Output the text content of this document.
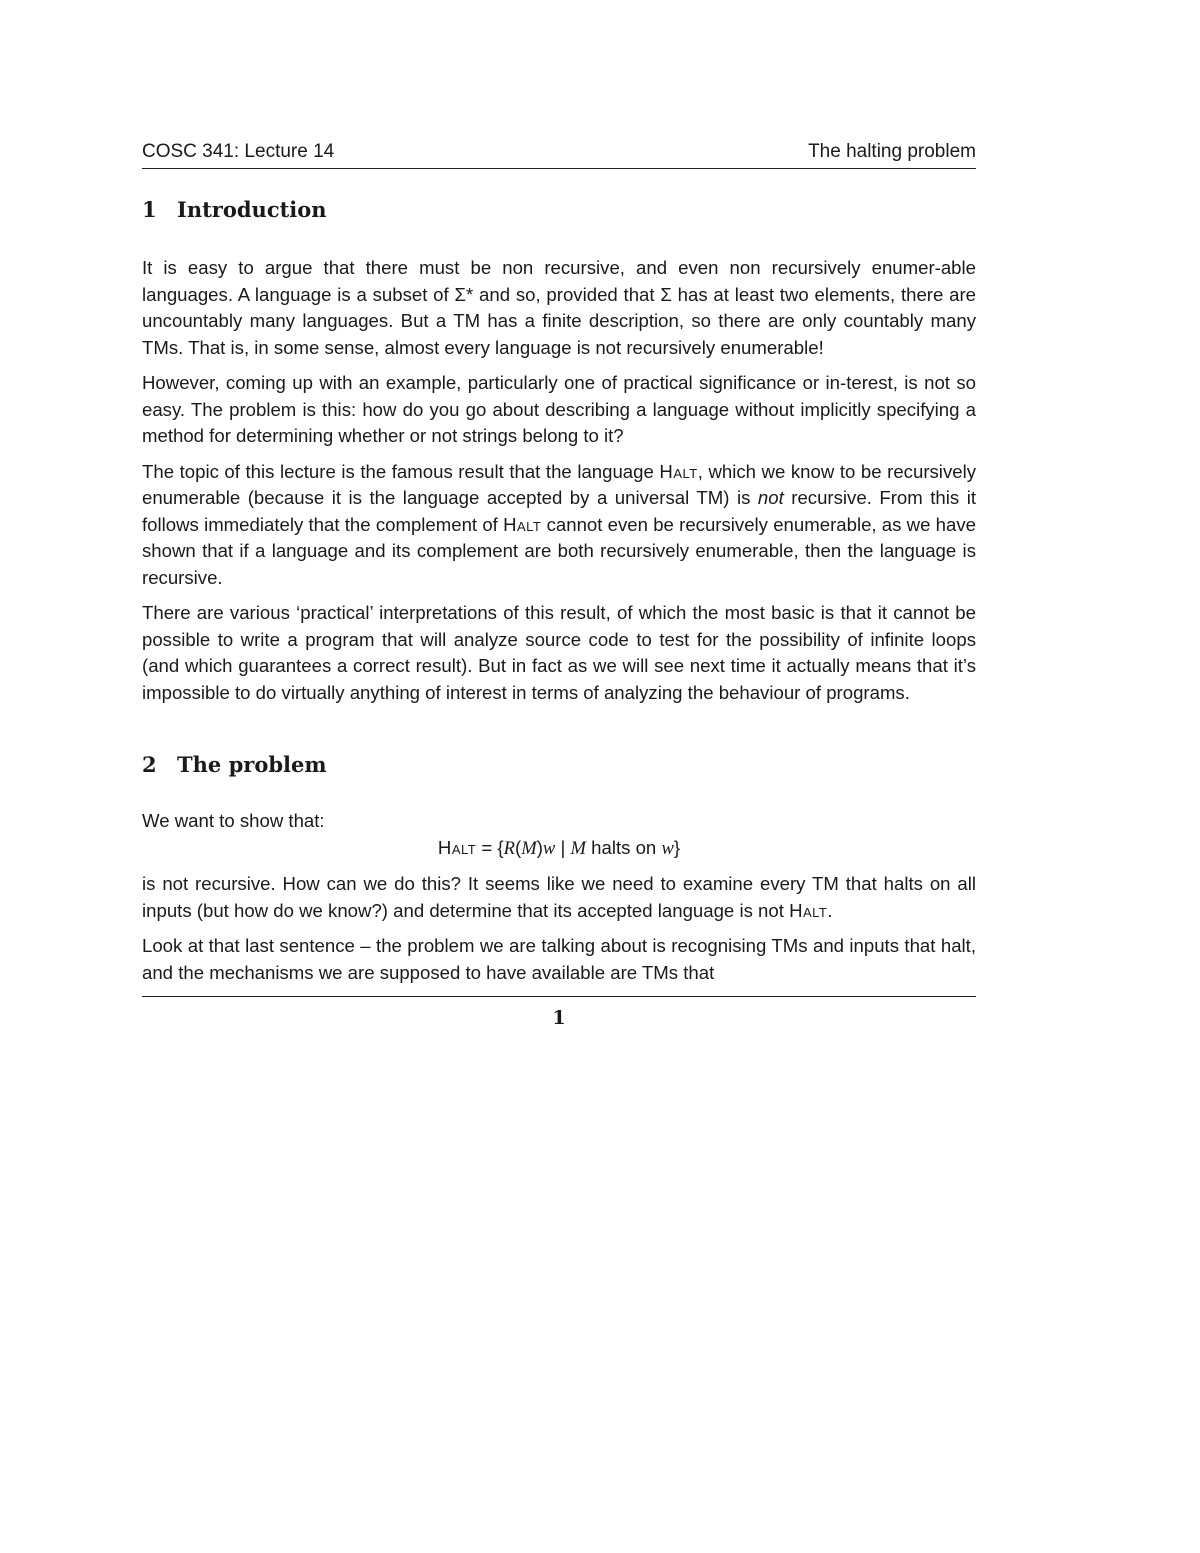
COSC 341: Lecture 14	The halting problem
1 Introduction

It is easy to argue that there must be non recursive, and even non recursively enumer-able languages. A language is a subset of Σ* and so, provided that Σ has at least two elements, there are uncountably many languages. But a TM has a finite description, so there are only countably many TMs. That is, in some sense, almost every language is not recursively enumerable!

However, coming up with an example, particularly one of practical significance or in-terest, is not so easy. The problem is this: how do you go about describing a language without implicitly specifying a method for determining whether or not strings belong to it?

The topic of this lecture is the famous result that the language Halt, which we know to be recursively enumerable (because it is the language accepted by a universal TM) is not recursive. From this it follows immediately that the complement of Halt cannot even be recursively enumerable, as we have shown that if a language and its complement are both recursively enumerable, then the language is recursive.

There are various ‘practical’ interpretations of this result, of which the most basic is that it cannot be possible to write a program that will analyze source code to test for the possibility of infinite loops (and which guarantees a correct result). But in fact as we will see next time it actually means that it’s impossible to do virtually anything of interest in terms of analyzing the behaviour of programs.

2 The problem

We want to show that:

Halt = {R(M)w | M halts on w}

is not recursive. How can we do this? It seems like we need to examine every TM that halts on all inputs (but how do we know?) and determine that its accepted language is not Halt.

Look at that last sentence – the problem we are talking about is recognising TMs and inputs that halt, and the mechanisms we are supposed to have available are TMs that

1
